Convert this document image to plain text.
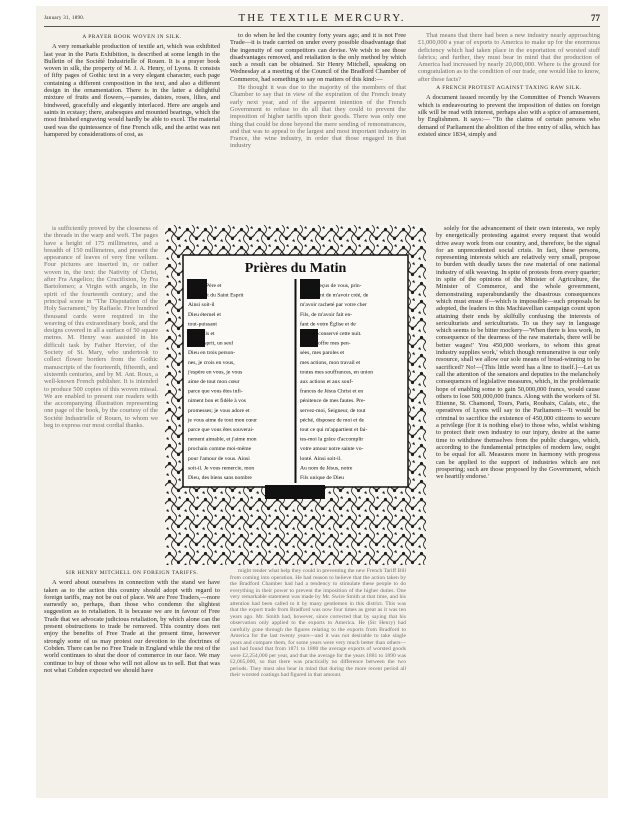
January 31, 1890.	THE TEXTILE MERCURY.	77

A PRAYER BOOK WOVEN IN SILK.

A very remarkable production of textile art, which was exhibited last year in the Paris Exhibition, is described at some length in the Bulletin of the Société Industrielle of Rouen. It is a prayer book woven in silk, the property of M. J. A. Henry, of Lyons. It consists of fifty pages of Gothic text in a very elegant character, each page containing a different composition in the text, and also a different design in the ornamentation. There is in the latter a delightful mixture of fruits and flowers,—pansies, daisies, roses, lilies, and bindweed, gracefully and elegantly interlaced. Here are angels and saints in ecstasy; there, arabesques and mounted bearings, which the most finished engraving would hardly be able to excel. The material used was the quintessence of fine French silk, and the artist was not hampered by considerations of cost, as

is sufficiently proved by the closeness of the threads in the warp and weft. The pages have a height of 175 millimetres, and a breadth of 150 millimetres, and present the appearance of leaves of very fine vellum. Four pictures are inserted in, or rather woven in, the text: the Nativity of Christ, after Fra Angelico; the Crucifixion, by Fra Bartolomeo; a Virgin with angels, in the spirit of the fourteenth century; and the principal scene in "The Disputation of the Holy Sacrament," by Raffaele. Five hundred thousand cards were required in the weaving of this extraordinary book, and the designs covered in all a surface of 50 square metres. M. Henry was assisted in his difficult task by Father Hervier, of the Society of St. Mary, who undertook to collect flower borders from the Gothic manuscripts of the fourteenth, fifteenth, and sixteenth centuries, and by M. Ant. Roux, a well-known French publisher. It is intended to produce 500 copies of this woven missal. We are enabled to present our readers with the accompanying illustration representing one page of the book, by the courtesy of the Société Industrielle of Rouen, to whom we beg to express our most cordial thanks.

to do when he led the country forty years ago; and it is not Free Trade—it is trade carried on under every possible disadvantage that the ingenuity of our competitors can devise. We wish to see those disadvantages removed, and retaliation is the only method by which such a result can be obtained. Sir Henry Mitchell, speaking on Wednesday at a meeting of the Council of the Bradford Chamber of Commerce, had something to say on matters of this kind:—

He thought it was due to the majority of the members of that Chamber to say that in view of the expiration of the French treaty early next year, and of the apparent intention of the French Government to refuse to do all that they could to prevent the imposition of higher tariffs upon their goods. There was only one thing that could be done beyond the mere sending of remonstrances, and that was to appeal to the largest and most important industry in France, the wine industry, in order that those engaged in that industry

That means that there had been a new industry nearly approaching £1,000,000 a year of exports to America to make up for the enormous deficiency which had taken place in the exportation of worsted stuff fabrics; and further, they must bear in mind that the production of America had increased by nearly 20,000,000. Where is the ground for congratulation as to the condition of our trade, one would like to know, after these facts?

A FRENCH PROTEST AGAINST TAXING RAW SILK.

A document issued recently by the Committee of French Weavers which is endeavouring to prevent the imposition of duties on foreign silk will be read with interest, perhaps also with a spice of amusement, by Englishmen. It says:— "To the claims of certain persons who demand of Parliament the abolition of the free entry of silks, which has existed since 1834, simply and

solely for the advancement of their own interests, we reply by energetically protesting against every request that would drive away work from our country, and, therefore, be the signal for an unprecedented social crisis. In fact, these persons, representing interests which are relatively very small, propose to burden with deadly taxes the raw material of one national industry of silk weaving. In spite of protests from every quarter; in spite of the opinions of the Minister of Agriculture, the Minister of Commerce, and the whole government, demonstrating superabundantly the disastrous consequences which must ensue if—which is impossible—such proposals be adopted, the leaders in this Machiavellian campaign count upon attaining their ends by skilfully confusing the interests of sericulturists and sericulturists. To us they say in language which seems to be bitter mockery—'When there is less work, in consequence of the dearness of the raw materials, there will be better wages!' You 450,000 workers, to whom this great industry supplies work,' which though remunerative is our only resource, shall we allow our sole means of bread-winning to be sacrificed? No!—[This little word has a line to itself.]—Let us call the attention of the senators and deputies to the melancholy consequences of legislative measures, which, in the problematic hope of enabling some to gain 50,000,000 francs, would cause others to lose 500,000,000 francs. Along with the workers of St. Etienne, St. Chamond, Tours, Paris, Roubaix, Calais, etc., the operatives of Lyons will say to the Parliament—'It would be criminal to sacrifice the existence of 450,000 citizens to secure a privilege (for it is nothing else) to those who, whilst wishing to protect their own industry to our injury, desire at the same time to withdraw themselves from the public charges, which, according to the fundamental principles of modern law, ought to be equal for all. Measures more in harmony with progress can be applied to the support of industries which are not prospering; such are those proposed by the Government, which we heartily endorse.'

SIR HENRY MITCHELL ON FOREIGN TARIFFS.

A word about ourselves in connection with the stand we have taken as to the action this country should adopt with regard to foreign tariffs, may not be out of place. We are Free Traders,—more earnestly so, perhaps, than those who condemn the slightest suggestion as to retaliation. It is because we are in favour of Free Trade that we advocate judicious retaliation, by which alone can the present obstructions to trade be removed. This country does not enjoy the benefits of Free Trade at the present time, however strongly some of us may protest our devotion to the doctrines of Cobden. There can be no Free Trade in England while the rest of the world continues to shut the door of commerce in our face. We may continue to buy of those who will not allow us to sell. But that was not what Cobden expected we should have

might render what help they could in preventing the new French Tariff Bill from coming into operation. He had reason to believe that the action taken by the Bradford Chamber had had a tendency to stimulate these people to do everything in their power to prevent the imposition of the higher duties. One very remarkable statement was made by Mr. Swire Smith at that time, and his attention had been called to it by many gentlemen in this district. This was that the export trade from Bradford was now four times as great as it was ten years ago. Mr. Smith had, however, since corrected that by saying that his observation only applied to the exports to America. He (Sir Henry) had carefully gone through the figures relating to the exports from Bradford to America for the last twenty years—and it was not desirable to take single years and compare them, for some years were very much better than others—and had found that from 1871 to 1880 the average exports of worsted goods were £2,254,000 per year, and that the average for the years 1881 to 1890 was £2,065,000, so that there was practically no difference between the two periods. They must also bear in mind that during the more recent period all their worsted coatings had figured in that amount.

Prières du Matin
Dou du Père et
du Fils et du Saint Esprit
Ainsi soit-il
Dieu éternel et
tout-puissant
Père, Fils et
Saint Esprit, un seul
Dieu en trois person-
nes, je crois en vous,
j'espère en vous, je vous
aime de tout mon cœur
parce que vous êtes infi-
niment bon et fidèle à vos
promesses; je vous adore et
je vous aime de tout mon cœur
parce que vous êtes souverai-
nement aimable, et j'aime mon
prochain comme moi-même
pour l'amour de vous. Ainsi
soit-il. Je vous remercie, mon
Dieu, des biens sans nombre
que j'ai reçus de vous, prin-
cipalement de m'avoir créé, de
m'avoir racheté par votre cher
Fils, de m'avoir fait en-
fant de votre Église et de
m'avoir conservé cette nuit.
Je vous offre mes pen-
sées, mes paroles et
mes actions, mon travail et
toutes mes souffrances, en union
aux actions et aux souf-
frances de Jésus Christ et en
pénitence de mes fautes. Pre-
servez-moi, Seigneur, de tout
péché, disposez de moi et de
tout ce qui m'appartient et fai-
tes-moi la grâce d'accomplir
votre amour notre sainte vo-
lonté. Ainsi soit-il.
Au nom de Jésus, notre
Fils unique de Dieu
